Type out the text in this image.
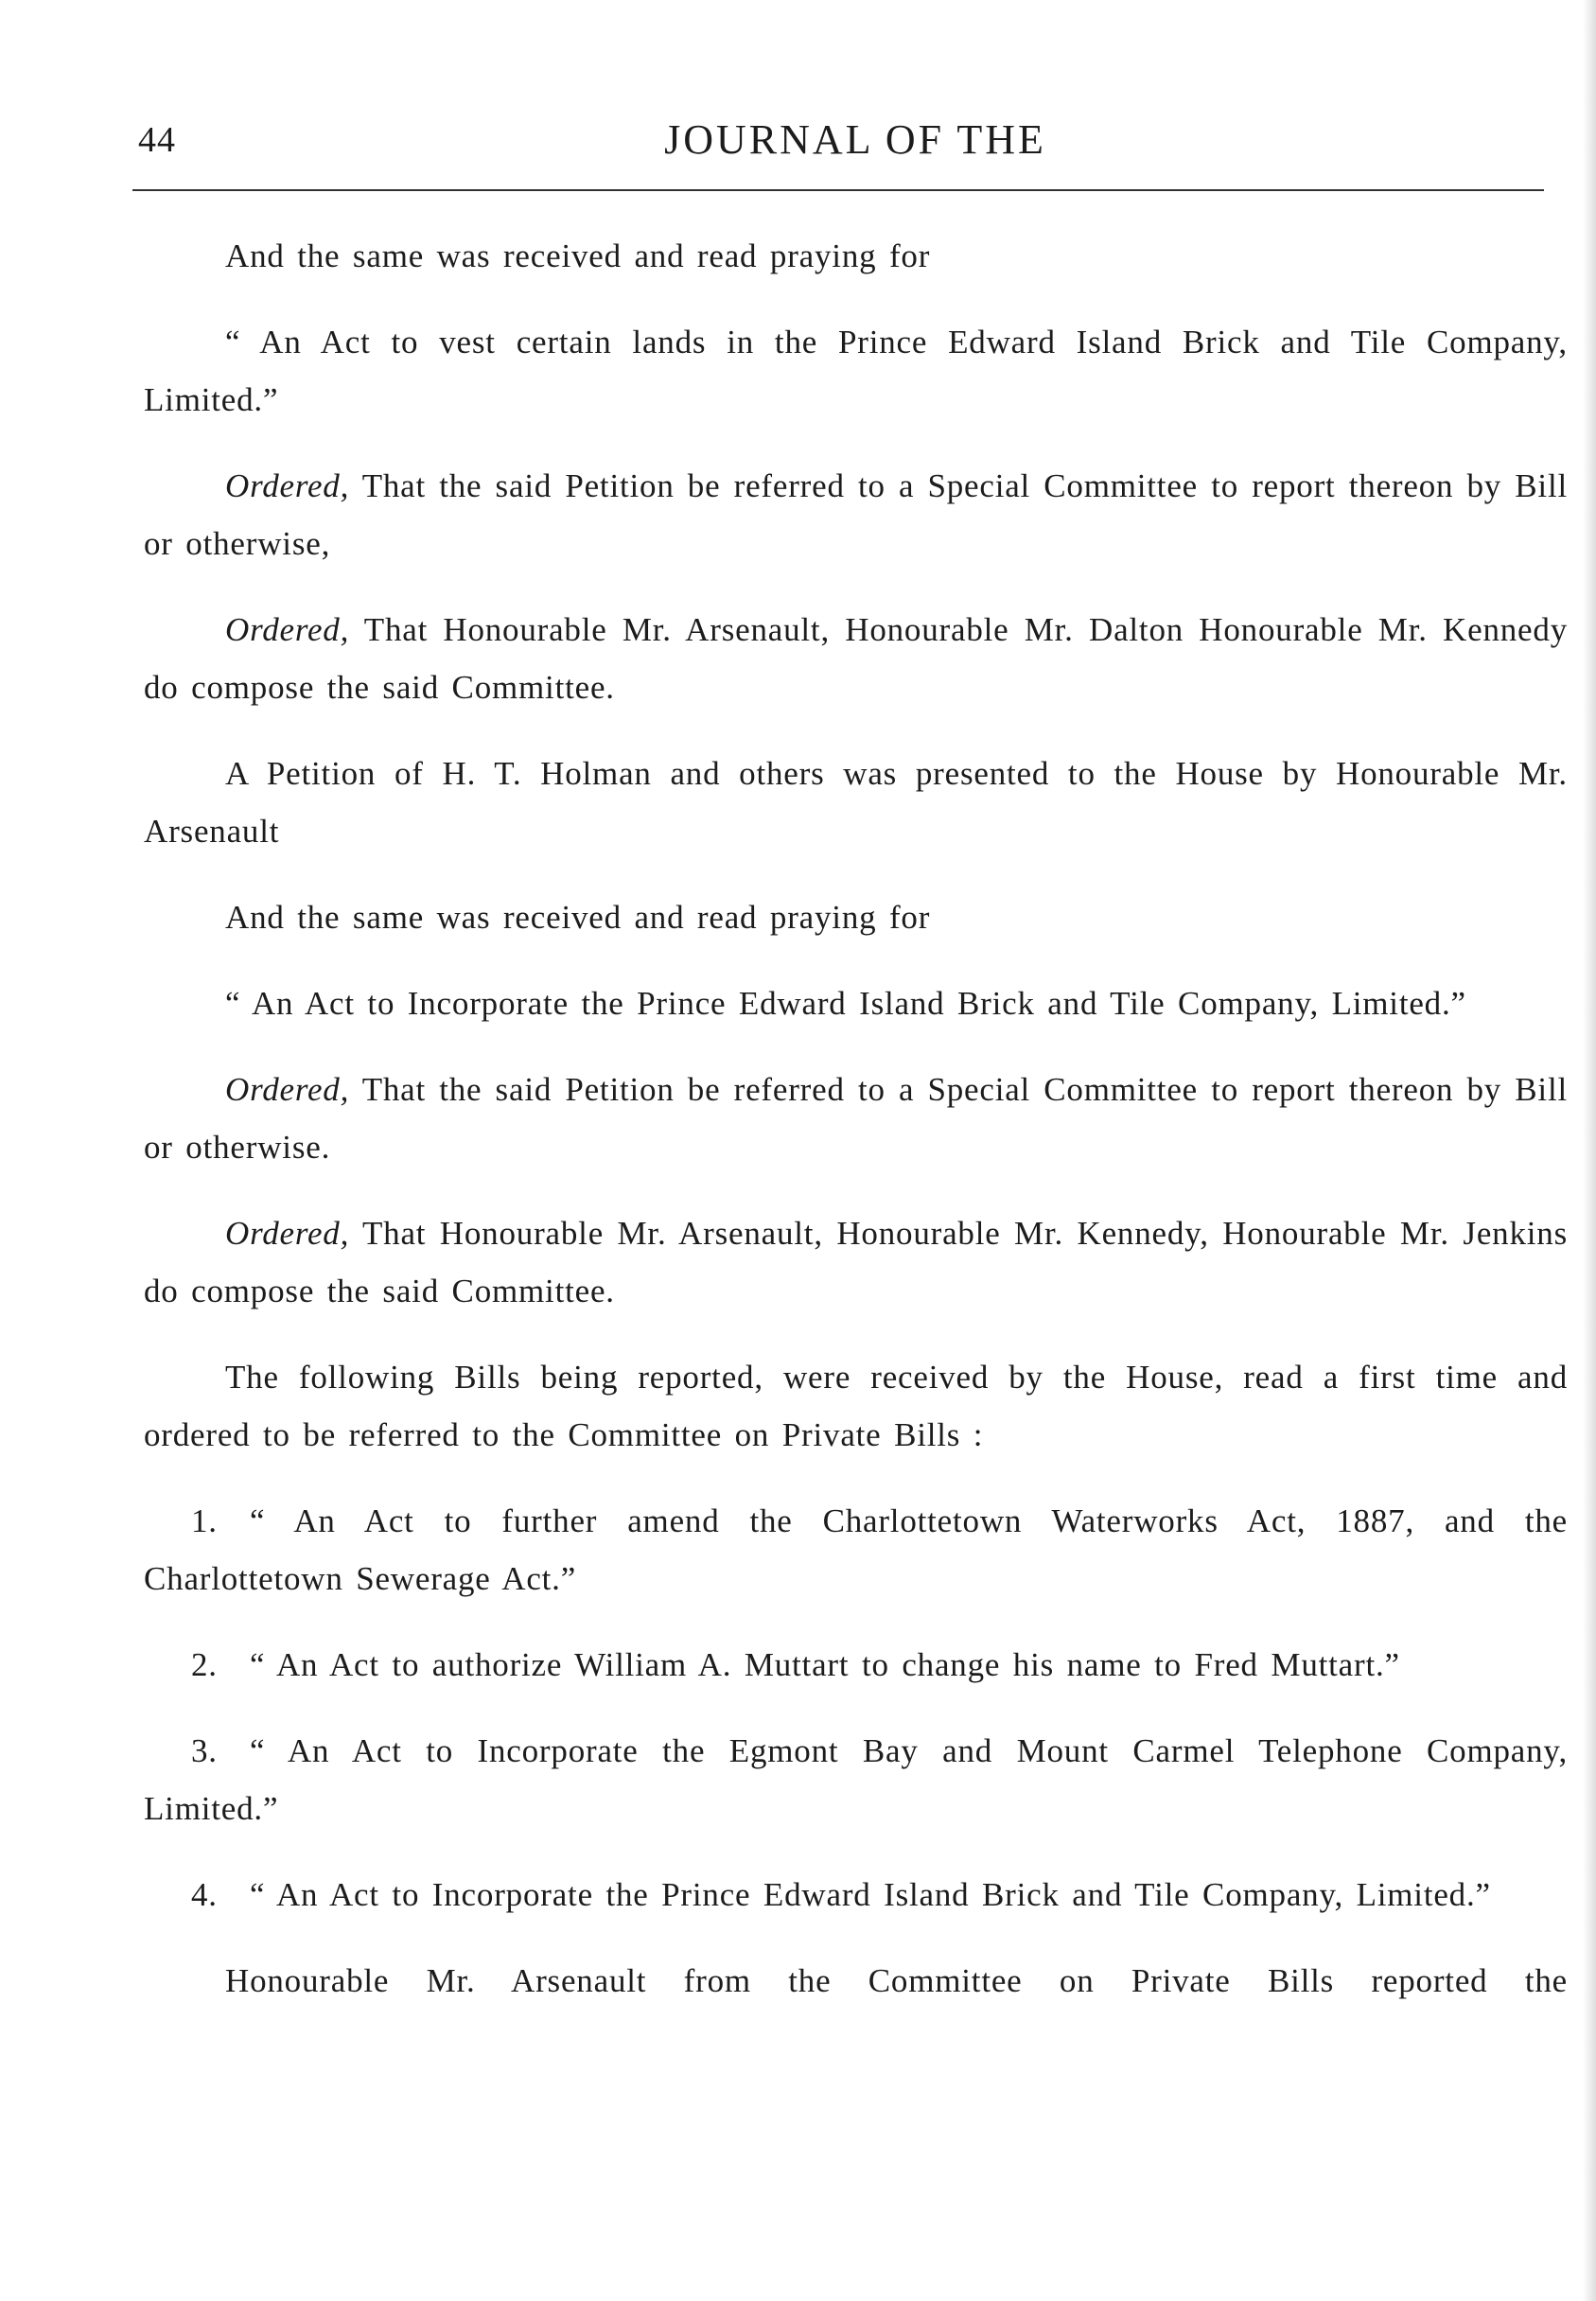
44	JOURNAL OF THE

And the same was received and read praying for

“ An Act to vest certain lands in the Prince Edward Island Brick and Tile Company, Limited.”

Ordered, That the said Petition be referred to a Special Committee to report thereon by Bill or otherwise,

Ordered, That Honourable Mr. Arsenault, Honourable Mr. Dalton Honourable Mr. Kennedy do compose the said Committee.

A Petition of H. T. Holman and others was presented to the House by Honourable Mr. Arsenault

And the same was received and read praying for

“ An Act to Incorporate the Prince Edward Island Brick and Tile Company, Limited.”

Ordered, That the said Petition be referred to a Special Committee to report thereon by Bill or otherwise.

Ordered, That Honourable Mr. Arsenault, Honourable Mr. Kennedy, Honourable Mr. Jenkins do compose the said Committee.

The following Bills being reported, were received by the House, read a first time and ordered to be referred to the Committee on Private Bills :

1. “ An Act to further amend the Charlottetown Waterworks Act, 1887, and the Charlottetown Sewerage Act.”

2. “ An Act to authorize William A. Muttart to change his name to Fred Muttart.”

3. “ An Act to Incorporate the Egmont Bay and Mount Carmel Telephone Company, Limited.”

4. “ An Act to Incorporate the Prince Edward Island Brick and Tile Company, Limited.”

Honourable Mr. Arsenault from the Committee on Private Bills reported the
